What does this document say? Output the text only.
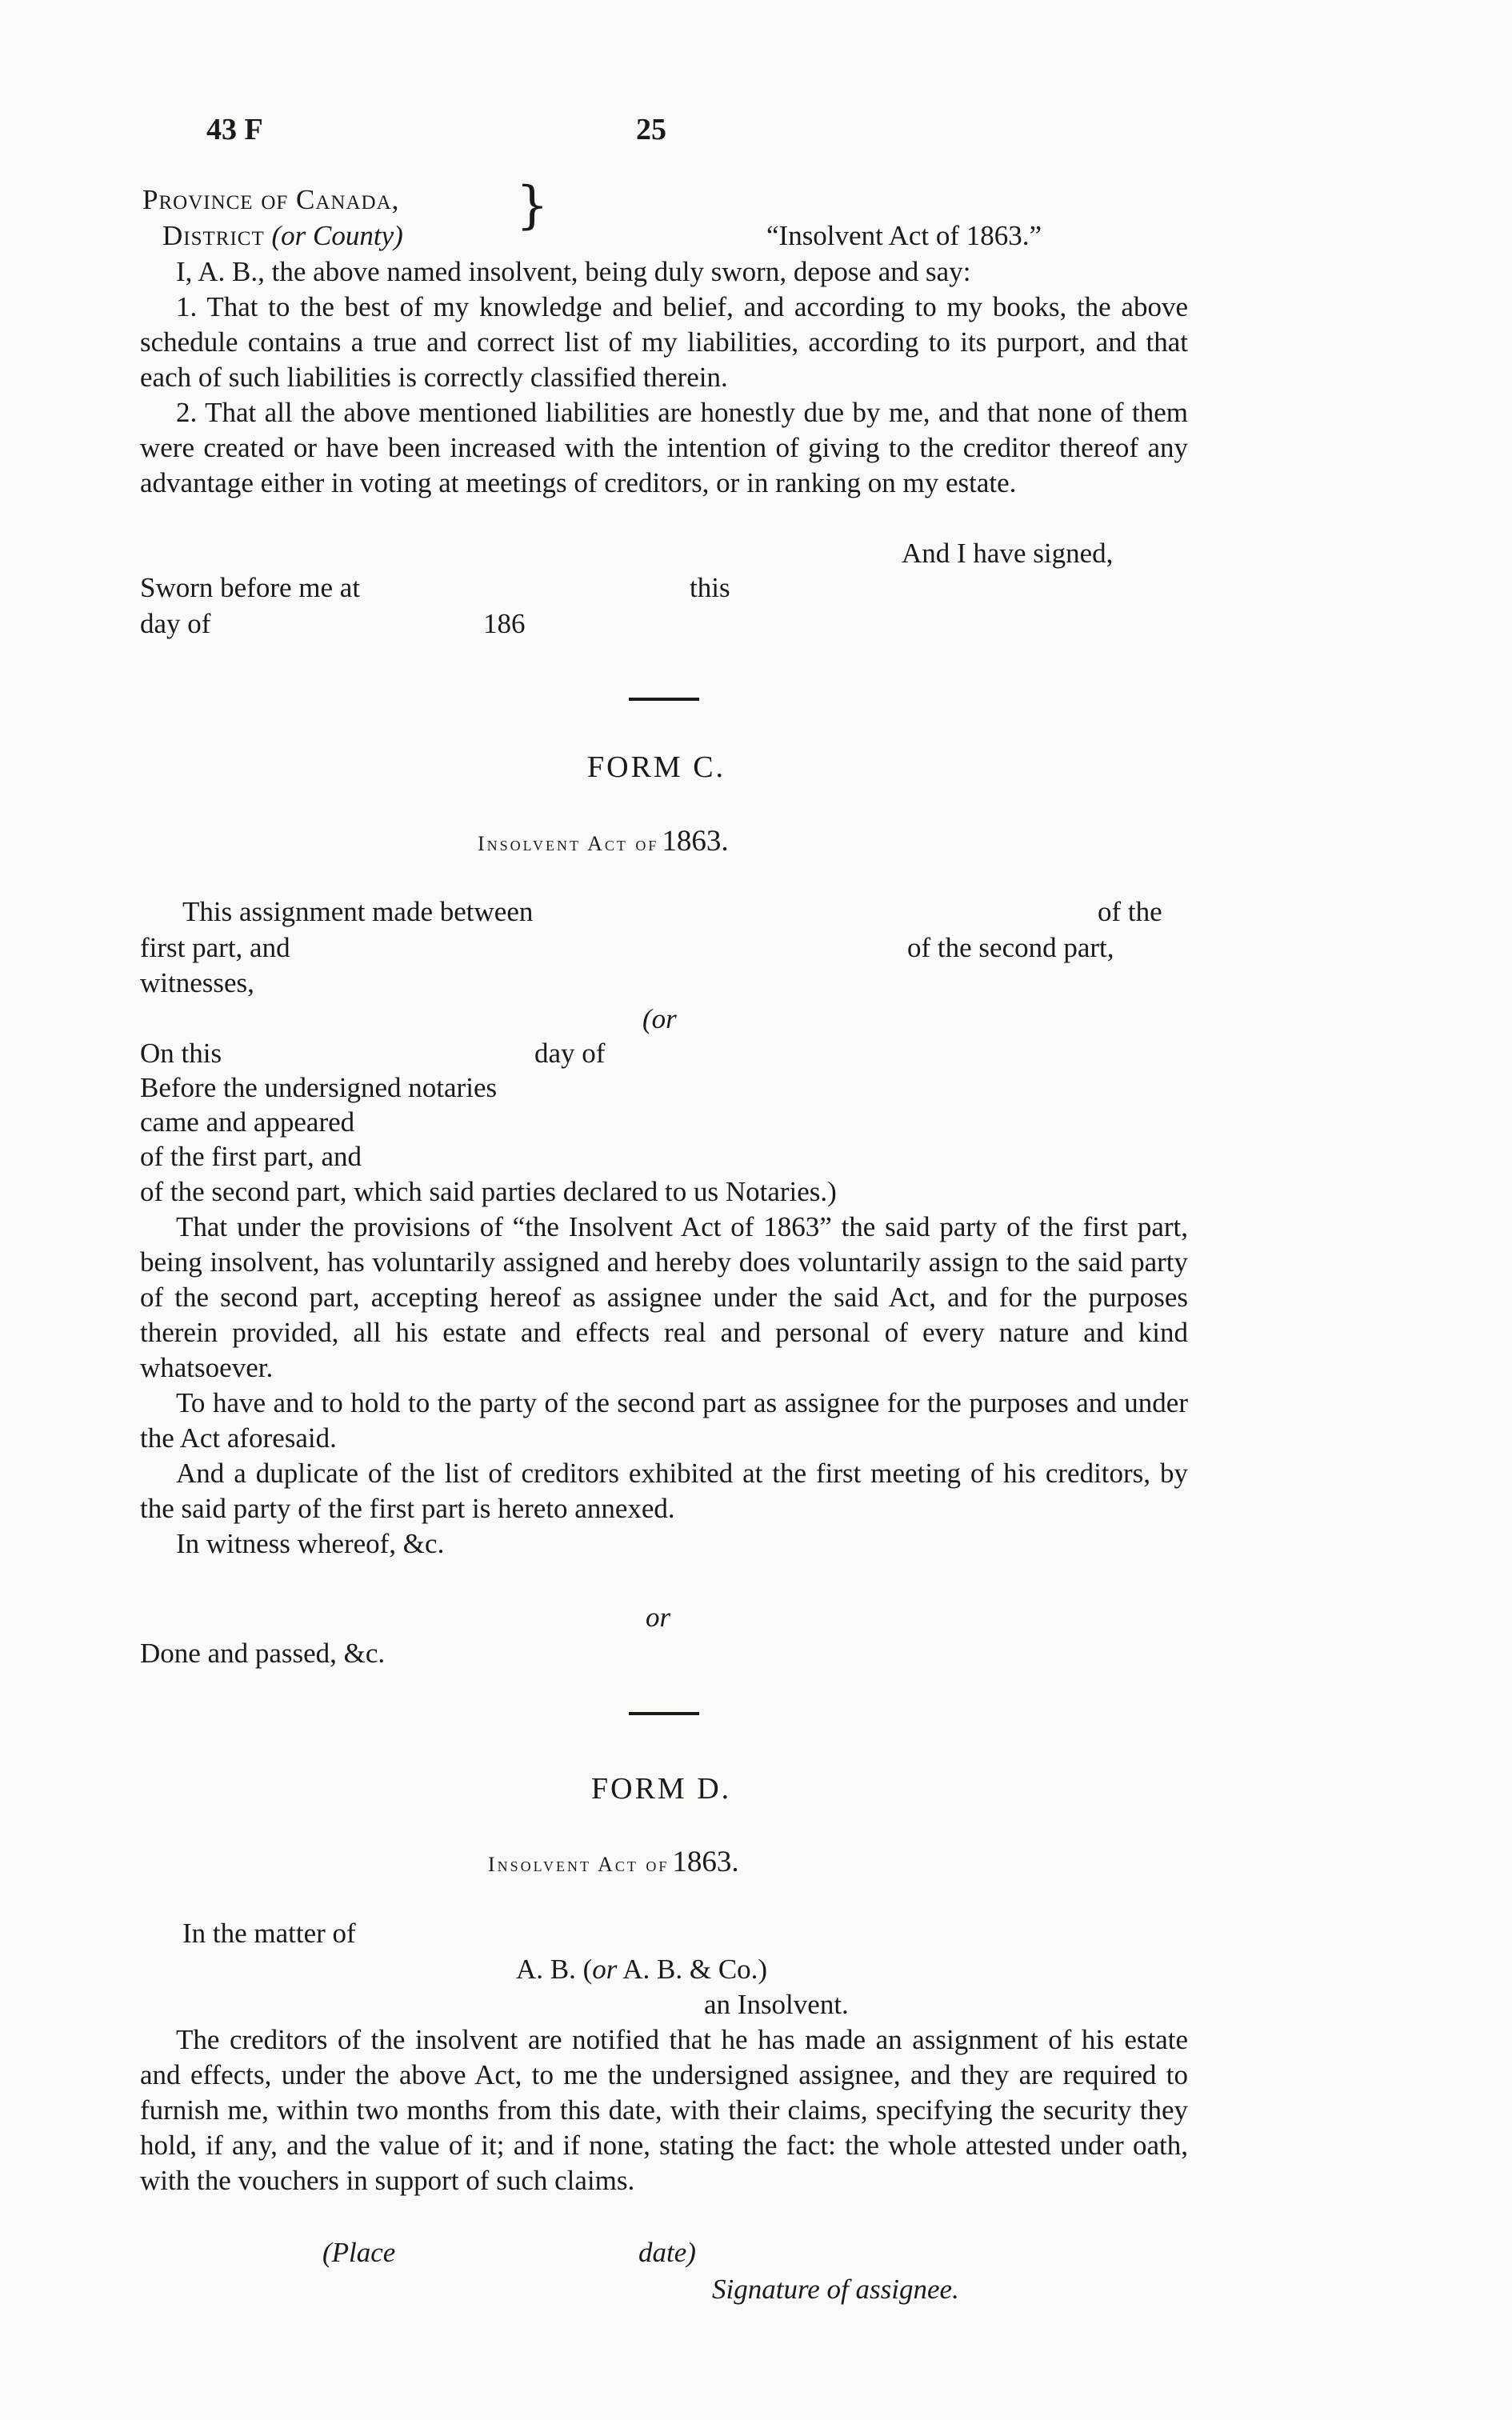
43 F	25
Province of Canada,
District (or County)
}
“Insolvent Act of 1863.”

I, A. B., the above named insolvent, being duly sworn, depose and say:

1. That to the best of my knowledge and belief, and according to my books, the above schedule contains a true and correct list of my liabilities, according to its purport, and that each of such liabilities is correctly classified therein.

2. That all the above mentioned liabilities are honestly due by me, and that none of them were created or have been increased with the intention of giving to the creditor thereof any advantage either in voting at meetings of creditors, or in ranking on my estate.

And I have signed,
Sworn before me at	this
day of	186
FORM C.
Insolvent Act of 1863.
This assignment made between	of the
first part, and	of the second part,
witnesses,
(or
On this	day of
Before the undersigned notaries
came and appeared
of the first part, and
of the second part, which said parties declared to us Notaries.)

That under the provisions of “the Insolvent Act of 1863” the said party of the first part, being insolvent, has voluntarily assigned and hereby does voluntarily assign to the said party of the second part, accepting hereof as assignee under the said Act, and for the purposes therein provided, all his estate and effects real and personal of every nature and kind whatsoever.

To have and to hold to the party of the second part as assignee for the purposes and under the Act aforesaid.

And a duplicate of the list of creditors exhibited at the first meeting of his creditors, by the said party of the first part is hereto annexed.

In witness whereof, &c.

or
Done and passed, &c.
FORM D.
Insolvent Act of 1863.
In the matter of
A. B. (or A. B. & Co.)
an Insolvent.

The creditors of the insolvent are notified that he has made an assignment of his estate and effects, under the above Act, to me the undersigned assignee, and they are required to furnish me, within two months from this date, with their claims, specifying the security they hold, if any, and the value of it; and if none, stating the fact: the whole attested under oath, with the vouchers in support of such claims.

(Place	date)
Signature of assignee.
